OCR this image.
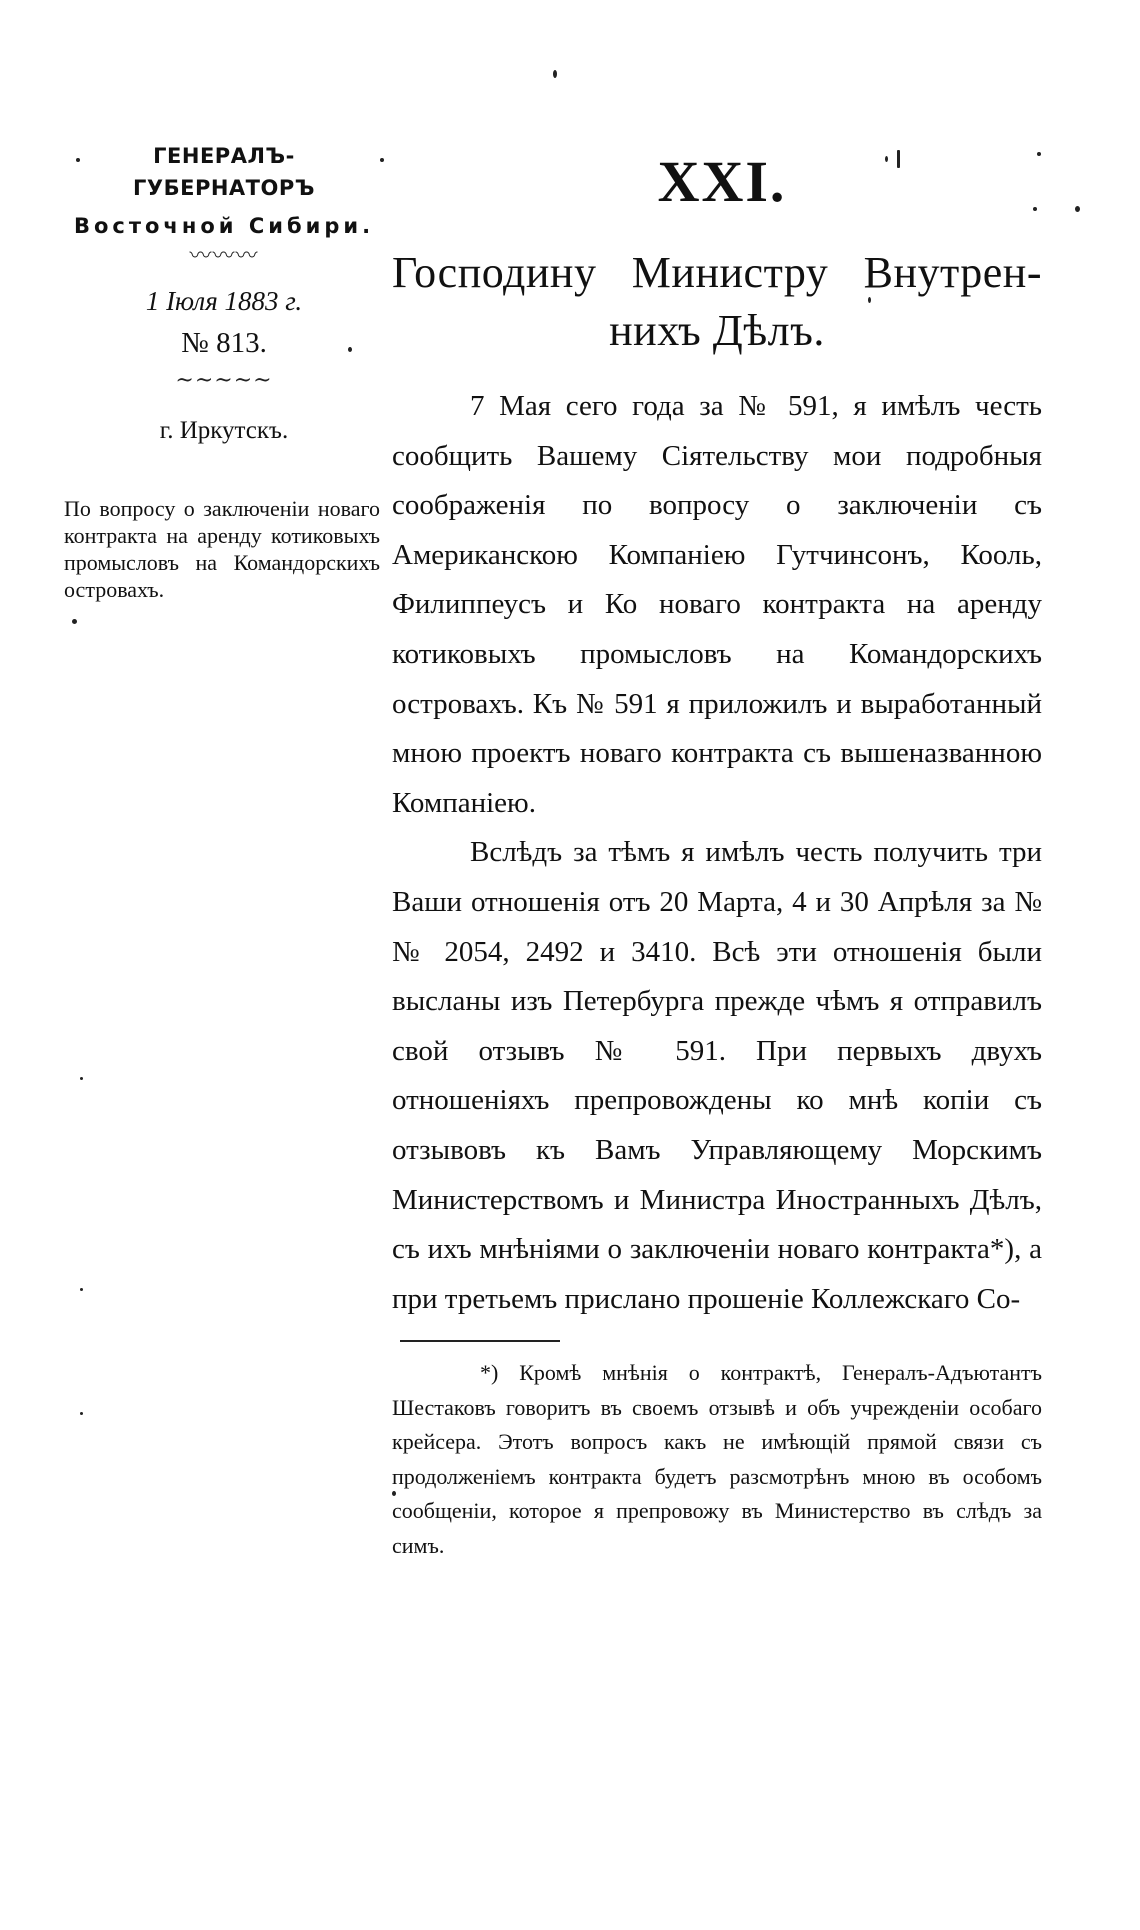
ГЕНЕРАЛЪ-ГУБЕРНАТОРЪ
Восточной Сибири.
〰〰〰
1 Іюля 1883 г.
№ 813.
~~~~~
г. Иркутскъ.

По вопросу о заключеніи новаго контракта на аренду котиковыхъ промысловъ на Командорскихъ островахъ.

XXI.
Господину Министру Внутрен-
нихъ Дѣлъ.

7 Мая сего года за № 591, я имѣлъ честь сообщить Вашему Сіятельству мои подробныя соображенія по вопросу о заключеніи съ Американскою Компаніею Гутчинсонъ, Кооль, Филиппеусъ и Ко новаго контракта на аренду котиковыхъ промысловъ на Командорскихъ островахъ. Къ № 591 я приложилъ и выработанный мною проектъ новаго контракта съ вышеназванною Компаніею.

Вслѣдъ за тѣмъ я имѣлъ честь получить три Ваши отношенія отъ 20 Марта, 4 и 30 Апрѣля за №№ 2054, 2492 и 3410. Всѣ эти отношенія были высланы изъ Петербурга прежде чѣмъ я отправилъ свой отзывъ № 591. При первыхъ двухъ отношеніяхъ препровождены ко мнѣ копіи съ отзывовъ къ Вамъ Управляющему Морскимъ Министерствомъ и Министра Иностранныхъ Дѣлъ, съ ихъ мнѣніями о заключеніи новаго контракта*), а при третьемъ прислано прошеніе Коллежскаго Со-

*) Кромѣ мнѣнія о контрактѣ, Генералъ-Адъютантъ Шестаковъ говоритъ въ своемъ отзывѣ и объ учрежденіи особаго крейсера. Этотъ вопросъ какъ не имѣющій прямой связи съ продолженіемъ контракта будетъ разсмотрѣнъ мною въ особомъ сообщеніи, которое я препровожу въ Министерство въ слѣдъ за симъ.
